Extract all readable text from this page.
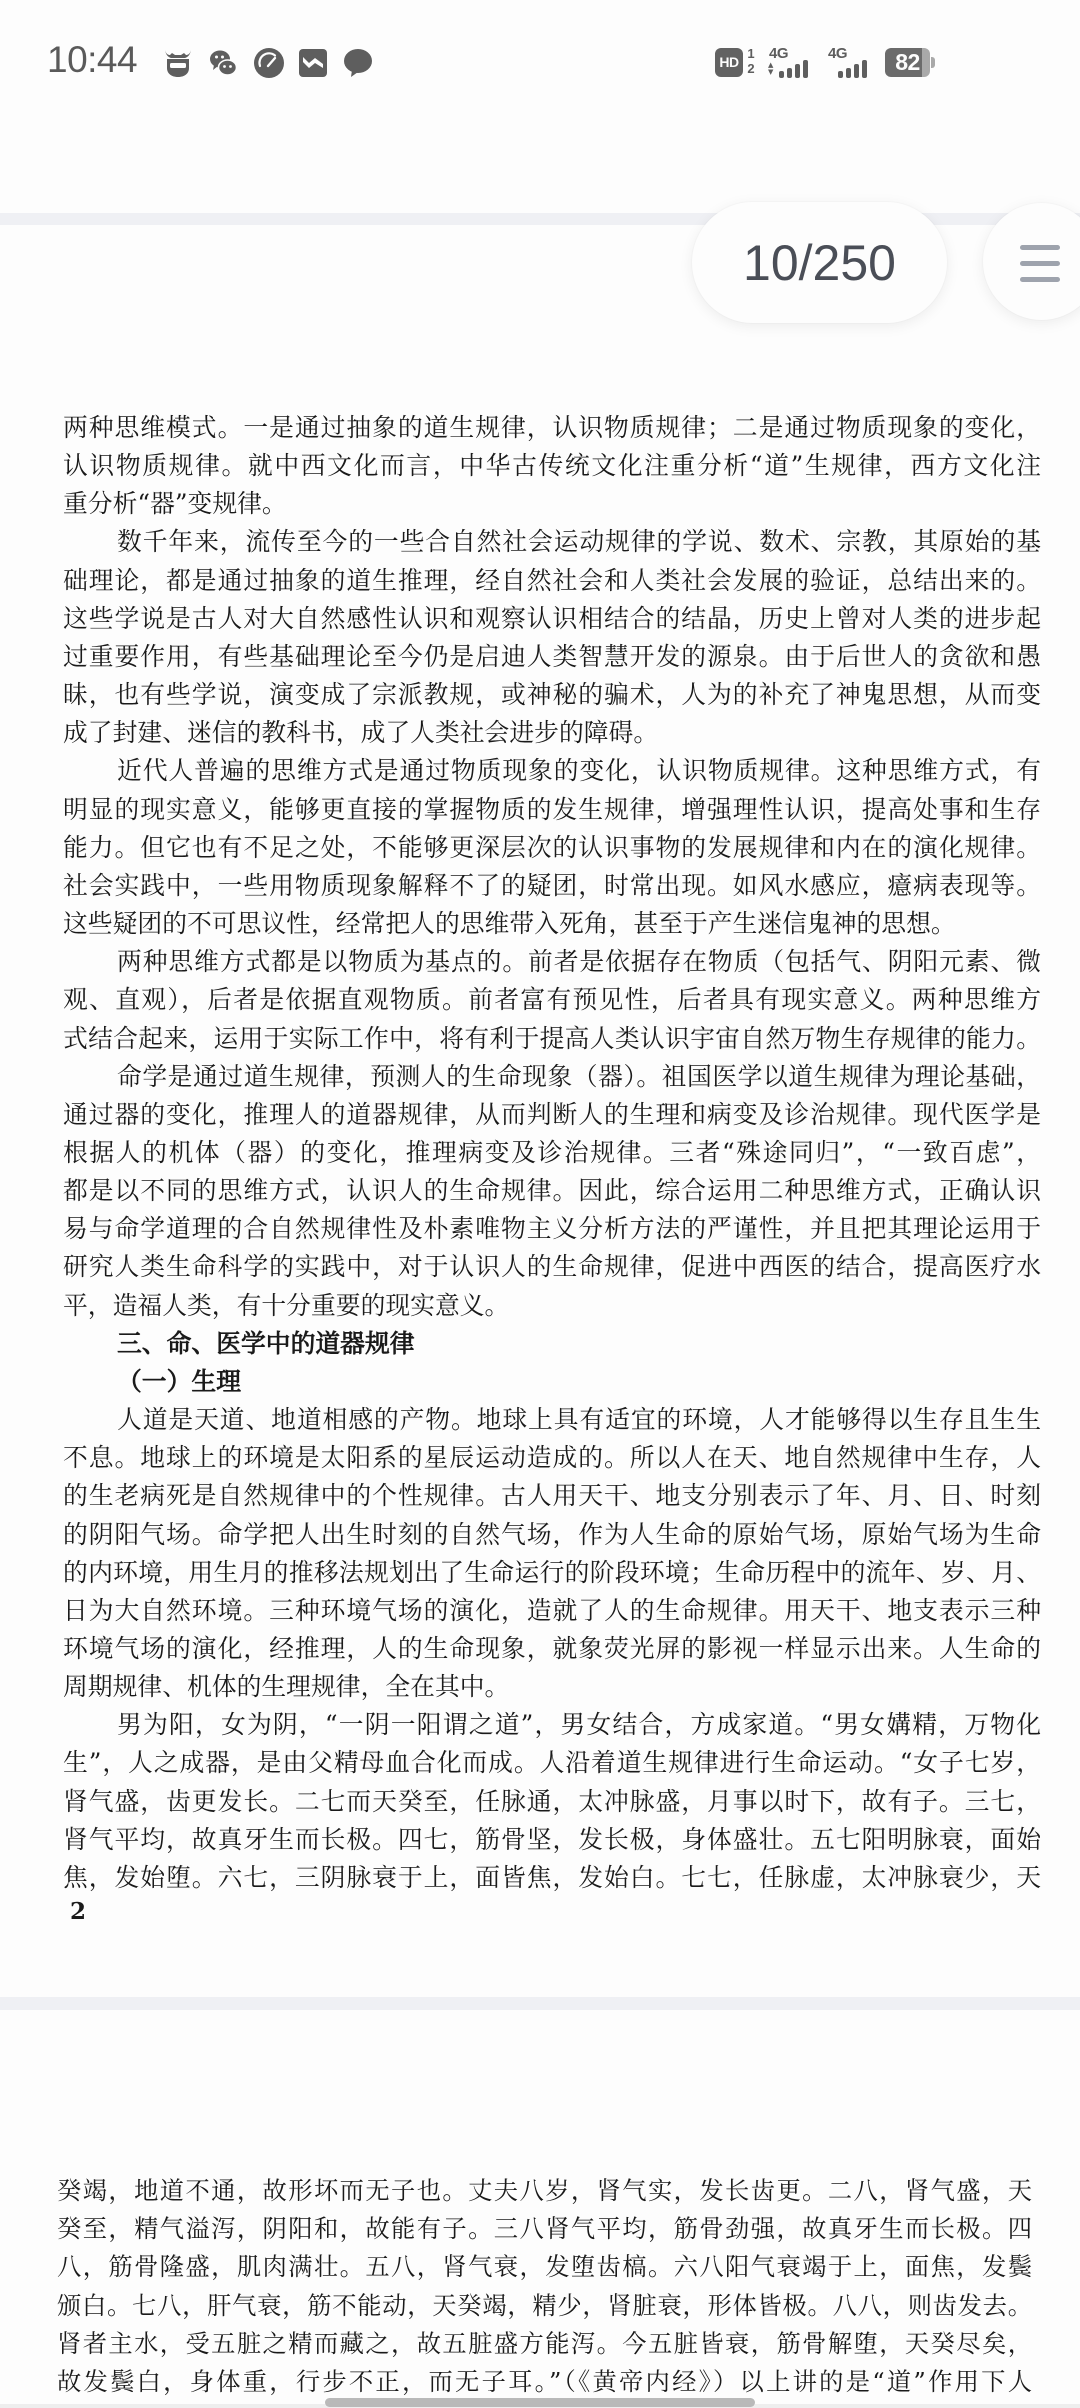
10:44	HD
1
2
4G
▲
▼
4G	82
10/250
两种思维模式。一是通过抽象的道生规律，认识物质规律；二是通过物质现象的变化，
认识物质规律。就中西文化而言，中华古传统文化注重分析“道”生规律，西方文化注
重分析“器”变规律。
数千年来，流传至今的一些合自然社会运动规律的学说、数术、宗教，其原始的基
础理论，都是通过抽象的道生推理，经自然社会和人类社会发展的验证，总结出来的。
这些学说是古人对大自然感性认识和观察认识相结合的结晶，历史上曾对人类的进步起
过重要作用，有些基础理论至今仍是启迪人类智慧开发的源泉。由于后世人的贪欲和愚
昧，也有些学说，演变成了宗派教规，或神秘的骗术，人为的补充了神鬼思想，从而变
成了封建、迷信的教科书，成了人类社会进步的障碍。
近代人普遍的思维方式是通过物质现象的变化，认识物质规律。这种思维方式，有
明显的现实意义，能够更直接的掌握物质的发生规律，增强理性认识，提高处事和生存
能力。但它也有不足之处，不能够更深层次的认识事物的发展规律和内在的演化规律。
社会实践中，一些用物质现象解释不了的疑团，时常出现。如风水感应，癔病表现等。
这些疑团的不可思议性，经常把人的思维带入死角，甚至于产生迷信鬼神的思想。
两种思维方式都是以物质为基点的。前者是依据存在物质（包括气、阴阳元素、微
观、直观），后者是依据直观物质。前者富有预见性，后者具有现实意义。两种思维方
式结合起来，运用于实际工作中，将有利于提高人类认识宇宙自然万物生存规律的能力。
命学是通过道生规律，预测人的生命现象（器）。祖国医学以道生规律为理论基础，
通过器的变化，推理人的道器规律，从而判断人的生理和病变及诊治规律。现代医学是
根据人的机体（器）的变化，推理病变及诊治规律。三者“殊途同归”，“一致百虑”，
都是以不同的思维方式，认识人的生命规律。因此，综合运用二种思维方式，正确认识
易与命学道理的合自然规律性及朴素唯物主义分析方法的严谨性，并且把其理论运用于
研究人类生命科学的实践中，对于认识人的生命规律，促进中西医的结合，提高医疗水
平，造福人类，有十分重要的现实意义。
三、命、医学中的道器规律
（一）生理
人道是天道、地道相感的产物。地球上具有适宜的环境，人才能够得以生存且生生
不息。地球上的环境是太阳系的星辰运动造成的。所以人在天、地自然规律中生存，人
的生老病死是自然规律中的个性规律。古人用天干、地支分别表示了年、月、日、时刻
的阴阳气场。命学把人出生时刻的自然气场，作为人生命的原始气场，原始气场为生命
的内环境，用生月的推移法规划出了生命运行的阶段环境；生命历程中的流年、岁、月、
日为大自然环境。三种环境气场的演化，造就了人的生命规律。用天干、地支表示三种
环境气场的演化，经推理，人的生命现象，就象荧光屏的影视一样显示出来。人生命的
周期规律、机体的生理规律，全在其中。
男为阳，女为阴，“一阴一阳谓之道”，男女结合，方成家道。“男女媾精，万物化
生”，人之成器，是由父精母血合化而成。人沿着道生规律进行生命运动。“女子七岁，
肾气盛，齿更发长。二七而天癸至，任脉通，太冲脉盛，月事以时下，故有子。三七，
肾气平均，故真牙生而长极。四七，筋骨坚，发长极，身体盛壮。五七阳明脉衰，面始
焦，发始堕。六七，三阴脉衰于上，面皆焦，发始白。七七，任脉虚，太冲脉衰少，天
2
癸竭，地道不通，故形坏而无子也。丈夫八岁，肾气实，发长齿更。二八，肾气盛，天
癸至，精气溢泻，阴阳和，故能有子。三八肾气平均，筋骨劲强，故真牙生而长极。四
八，筋骨隆盛，肌肉满壮。五八，肾气衰，发堕齿槁。六八阳气衰竭于上，面焦，发鬓
颁白。七八，肝气衰，筋不能动，天癸竭，精少，肾脏衰，形体皆极。八八，则齿发去。
肾者主水，受五脏之精而藏之，故五脏盛方能泻。今五脏皆衰，筋骨解堕，天癸尽矣，
故发鬓白，身体重，行步不正，而无子耳。”（《黄帝内经》）以上讲的是“道”作用下人
